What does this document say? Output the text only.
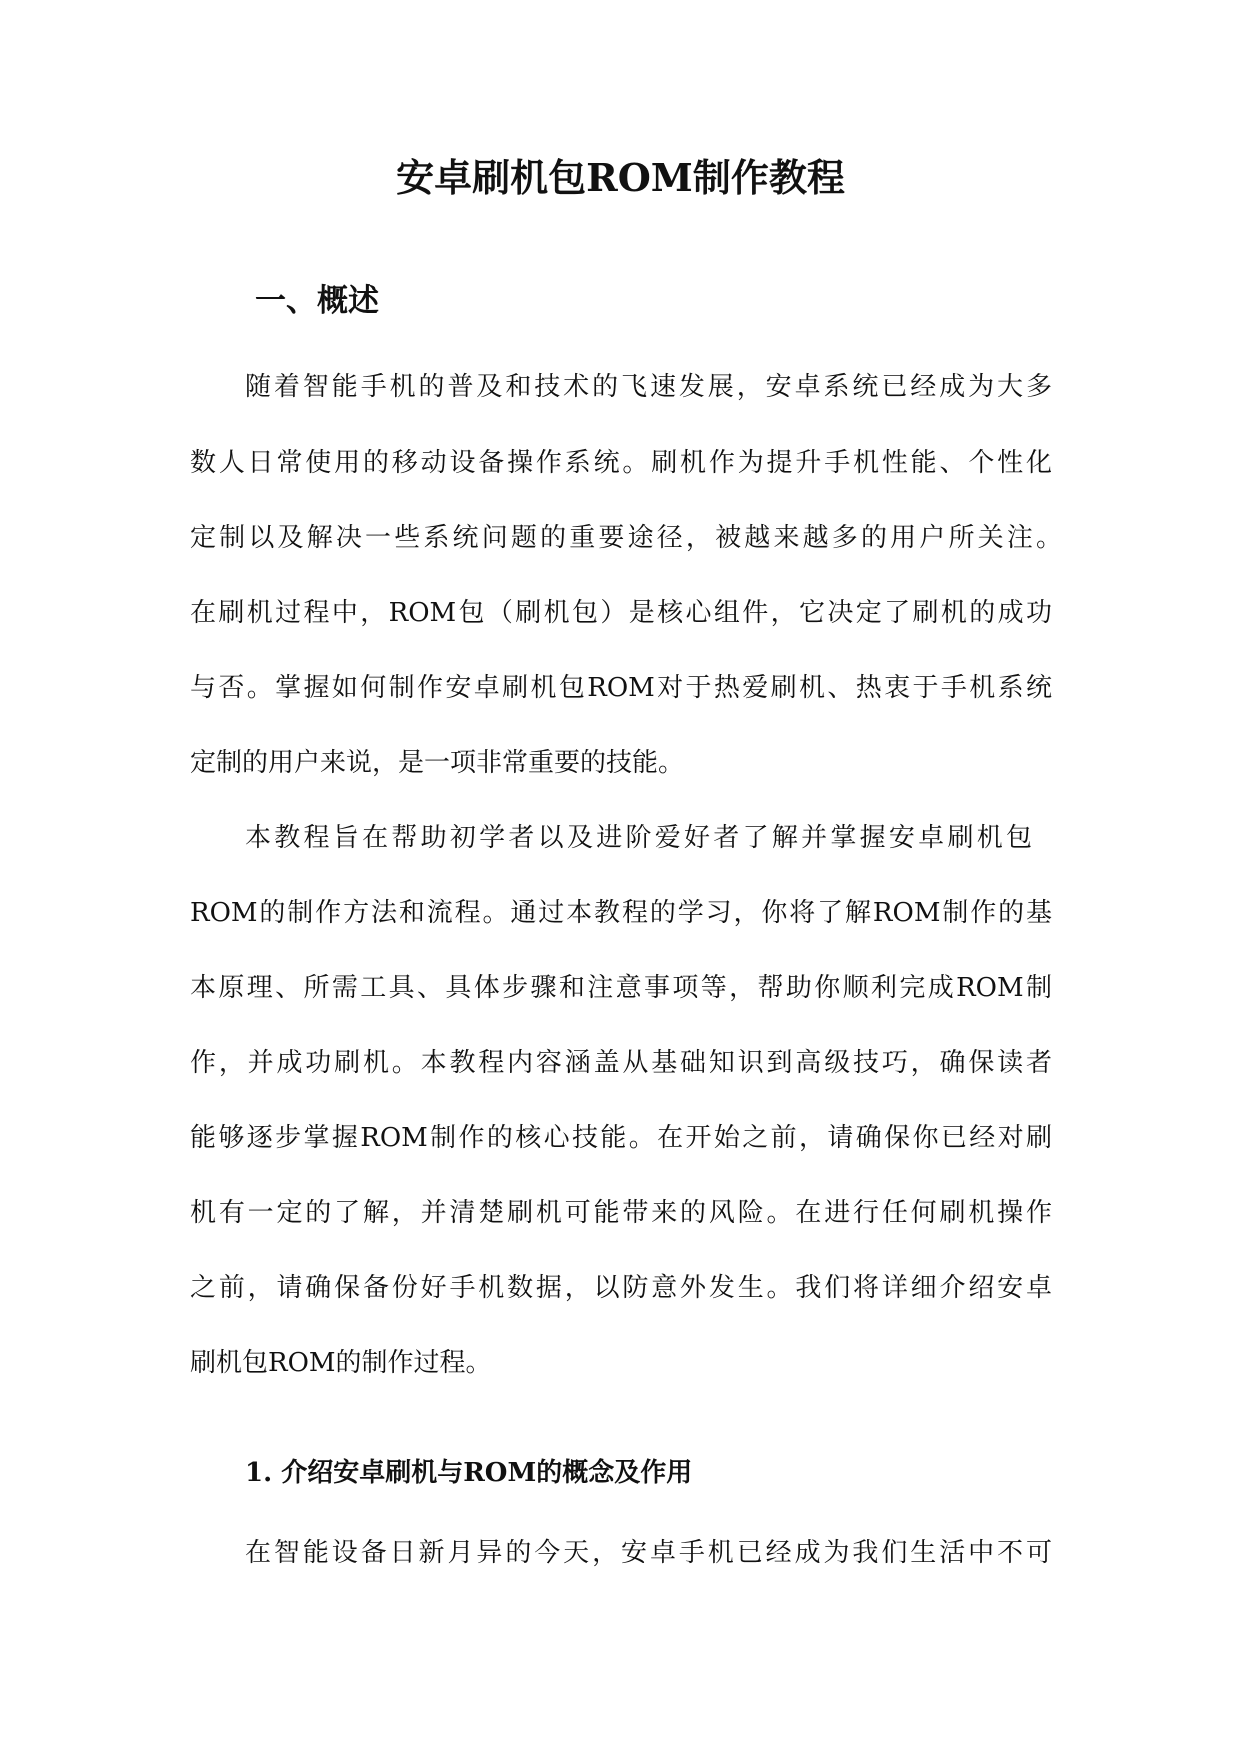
安卓刷机包ROM制作教程
一、概述

随着智能手机的普及和技术的飞速发展，安卓系统已经成为大多

数人日常使用的移动设备操作系统。刷机作为提升手机性能、个性化

定制以及解决一些系统问题的重要途径，被越来越多的用户所关注。

在刷机过程中，ROM包（刷机包）是核心组件，它决定了刷机的成功

与否。掌握如何制作安卓刷机包ROM对于热爱刷机、热衷于手机系统

定制的用户来说，是一项非常重要的技能。

本教程旨在帮助初学者以及进阶爱好者了解并掌握安卓刷机包

ROM的制作方法和流程。通过本教程的学习，你将了解ROM制作的基

本原理、所需工具、具体步骤和注意事项等，帮助你顺利完成ROM制

作，并成功刷机。本教程内容涵盖从基础知识到高级技巧，确保读者

能够逐步掌握ROM制作的核心技能。在开始之前，请确保你已经对刷

机有一定的了解，并清楚刷机可能带来的风险。在进行任何刷机操作

之前，请确保备份好手机数据，以防意外发生。我们将详细介绍安卓

刷机包ROM的制作过程。

1. 介绍安卓刷机与ROM的概念及作用

在智能设备日新月异的今天，安卓手机已经成为我们生活中不可
